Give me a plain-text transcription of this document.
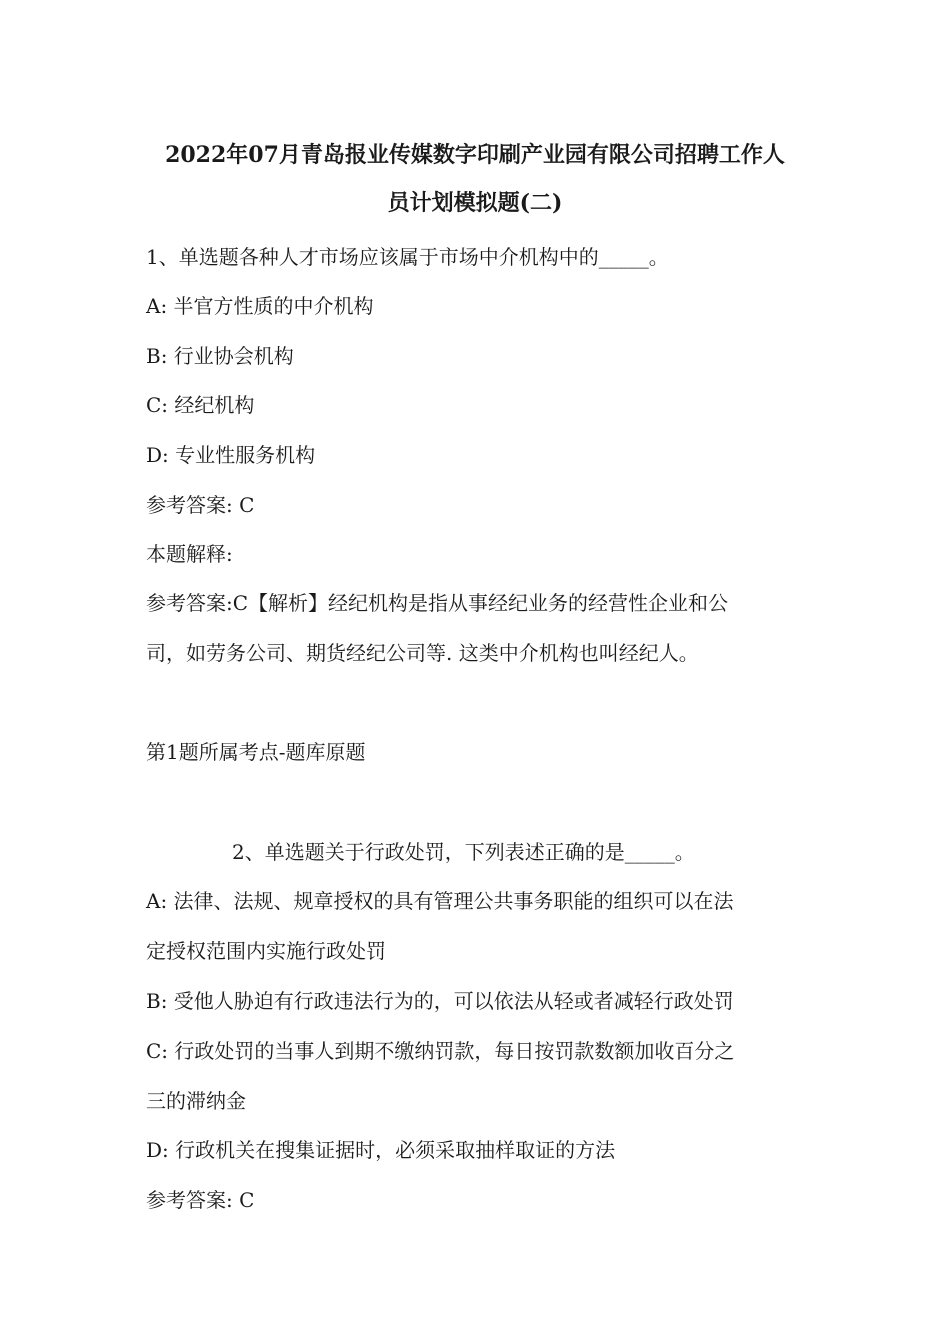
2022年07月青岛报业传媒数字印刷产业园有限公司招聘工作人
员计划模拟题(二)
1、单选题各种人才市场应该属于市场中介机构中的_____。
A: 半官方性质的中介机构
B: 行业协会机构
C: 经纪机构
D: 专业性服务机构
参考答案: C
本题解释:
参考答案:C【解析】经纪机构是指从事经纪业务的经营性企业和公
司，如劳务公司、期货经纪公司等. 这类中介机构也叫经纪人。
第1题所属考点-题库原题
2、单选题关于行政处罚，下列表述正确的是_____。
A: 法律、法规、规章授权的具有管理公共事务职能的组织可以在法
定授权范围内实施行政处罚
B: 受他人胁迫有行政违法行为的，可以依法从轻或者减轻行政处罚
C: 行政处罚的当事人到期不缴纳罚款，每日按罚款数额加收百分之
三的滞纳金
D: 行政机关在搜集证据时，必须采取抽样取证的方法
参考答案: C
